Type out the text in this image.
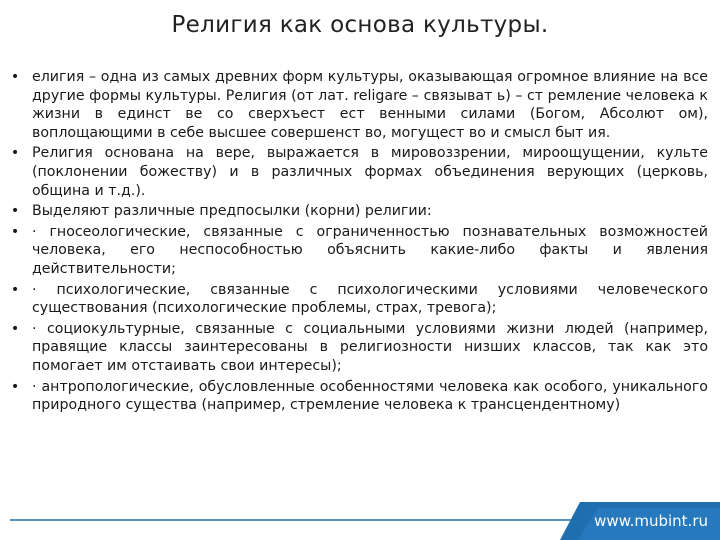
Религия как основа культуры.
• елигия – одна из самых древних форм культуры, оказывающая огромное влияние на все другие формы культуры. Религия (от лат. religare – связыват ь) – ст ремление человека к жизни в единст ве со сверхъест ест венными силами (Богом, Абсолют ом), воплощающими в себе высшее совершенст во, могущест во и смысл быт ия.
• Религия основана на вере, выражается в мировоззрении, мироощущении, культе (поклонении божеству) и в различных формах объединения верующих (церковь, община и т.д.).
• Выделяют различные предпосылки (корни) религии:
• · гносеологические, связанные с ограниченностью познавательных возможностей человека, его неспособностью объяснить какие-либо факты и явления действительности;
• · психологические, связанные с психологическими условиями человеческого существования (психологические проблемы, страх, тревога);
• · социокультурные, связанные с социальными условиями жизни людей (например, правящие классы заинтересованы в религиозности низших классов, так как это помогает им отстаивать свои интересы);
• · антропологические, обусловленные особенностями человека как особого, уникального природного существа (например, стремление человека к трансцендентному)
www.mubint.ru
